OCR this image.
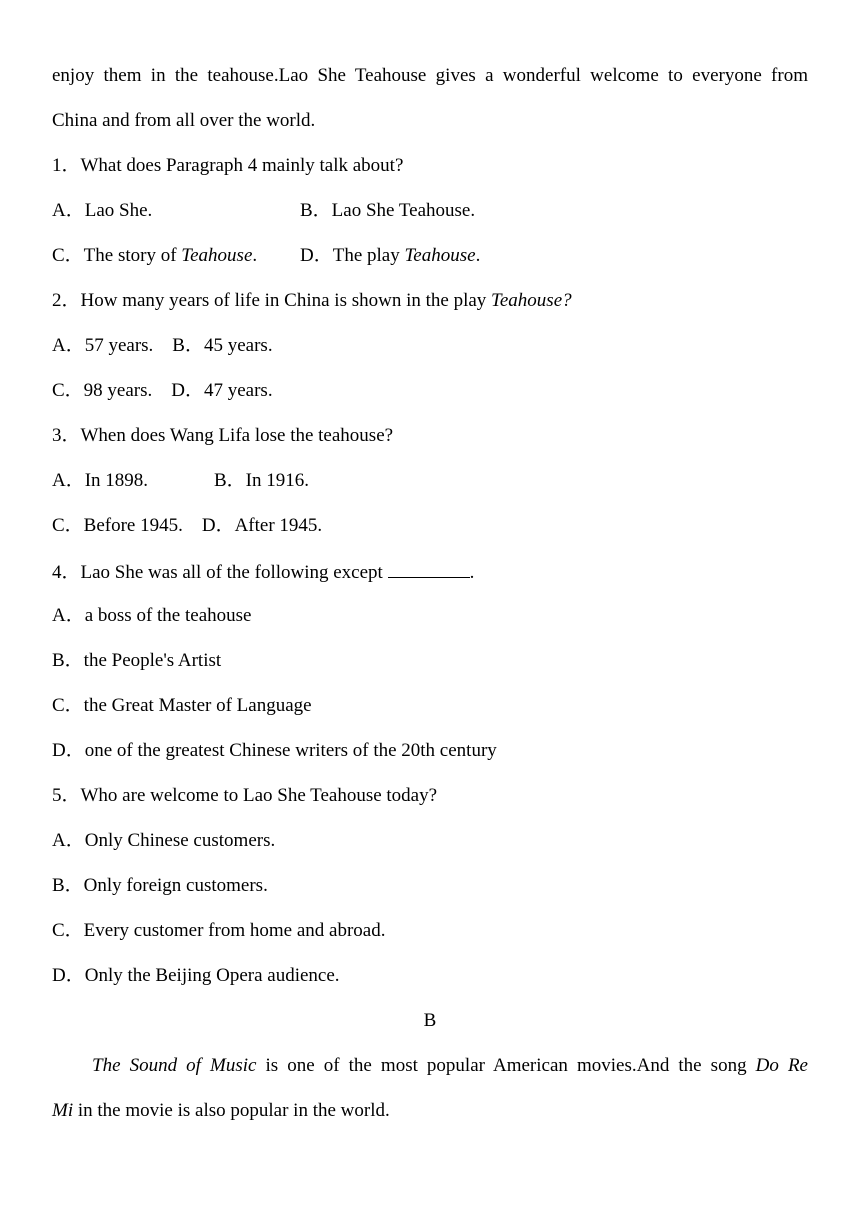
enjoy them in the teahouse.Lao She Teahouse gives a wonderful welcome to everyone from
China and from all over the world.
1．What does Paragraph 4 mainly talk about?
A．Lao She.	B．Lao She Teahouse.
C．The story of Teahouse. D．The play Teahouse.
2．How many years of life in China is shown in the play Teahouse?
A．57 years.    B．45 years.
C．98 years.    D．47 years.
3．When does Wang Lifa lose the teahouse?
A．In 1898.	B．In 1916.
C．Before 1945.    D．After 1945.
4．Lao She was all of the following except	.
A．a boss of the teahouse
B．the People's Artist
C．the Great Master of Language
D．one of the greatest Chinese writers of the 20th century
5．Who are welcome to Lao She Teahouse today?
A．Only Chinese customers.
B．Only foreign customers.
C．Every customer from home and abroad.
D．Only the Beijing Opera audience.
B
The Sound of Music is one of the most popular American movies.And the song Do Re
Mi in the movie is also popular in the world.
